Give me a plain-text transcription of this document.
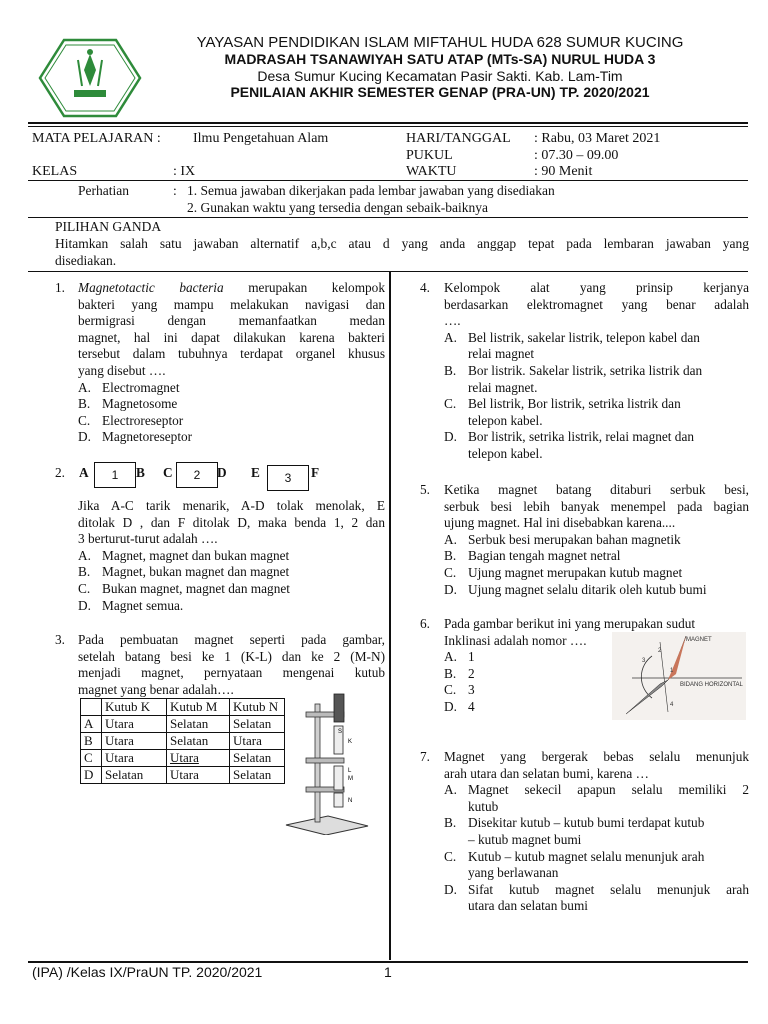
YAYASAN PENDIDIKAN ISLAM MIFTAHUL HUDA 628 SUMUR KUCING
MADRASAH TSANAWIYAH SATU ATAP (MTs-SA) NURUL HUDA 3
Desa Sumur Kucing Kecamatan Pasir Sakti. Kab. Lam-Tim
PENILAIAN AKHIR SEMESTER GENAP (PRA-UN) TP. 2020/2021
MATA PELAJARAN : Ilmu Pengetahuan Alam	HARI/TANGGAL : Rabu, 03 Maret 2021
PUKUL	: 07.30 – 09.00
KELAS	: IX	WAKTU	: 90 Menit
Perhatian	: 1. Semua jawaban dikerjakan pada lembar jawaban yang disediakan
2. Gunakan waktu yang tersedia dengan sebaik-baiknya
PILIHAN GANDA
Hitamkan salah satu jawaban alternatif a,b,c atau d yang anda anggap tepat pada lembaran jawaban yang
disediakan.
1. Magnetotactic bacteria merupakan kelompok
bakteri yang mampu melakukan navigasi dan
bermigrasi dengan memanfaatkan medan
magnet, hal ini dapat dilakukan karena bakteri
tersebut dalam tubuhnya terdapat organel khusus
yang disebut ….
A. Electromagnet
B. Magnetosome
C. Electroreseptor
D. Magnetoreseptor
2. A	1	B C	2	D E	3	F
Jika A-C tarik menarik, A-D tolak menolak, E
ditolak D , dan F ditolak D, maka benda 1, 2 dan
3 berturut-turut adalah ….
A. Magnet, magnet dan bukan magnet
B. Magnet, bukan magnet dan magnet
C. Bukan magnet, magnet dan magnet
D. Magnet semua.
3. Pada pembuatan magnet seperti pada gambar,
setelah batang besi ke 1 (K-L) dan ke 2 (M-N)
menjadi magnet, pernyataan mengenai kutub
magnet yang benar adalah….
	Kutub K	Kutub M	Kutub N
A	Utara	Selatan	Selatan
B	Utara	Selatan	Utara
C	Utara	Utara	Selatan
D	Selatan	Utara	Selatan
S
K
L
M
N
4. Kelompok alat yang prinsip kerjanya
berdasarkan elektromagnet yang benar adalah
….
A. Bel listrik, sakelar listrik, telepon kabel dan
relai magnet
B. Bor listrik. Sakelar listrik, setrika listrik dan
relai magnet.
C. Bel listrik, Bor listrik, setrika listrik dan
telepon kabel.
D. Bor listrik, setrika listrik, relai magnet dan
telepon kabel.
5. Ketika magnet batang ditaburi serbuk besi,
serbuk besi lebih banyak menempel pada bagian
ujung magnet. Hal ini disebabkan karena....
A. Serbuk besi merupakan bahan magnetik
B. Bagian tengah magnet netral
C. Ujung magnet merupakan kutub magnet
D. Ujung magnet selalu ditarik oleh kutub bumi
6. Pada gambar berikut ini yang merupakan sudut
Inklinasi adalah nomor ….
A. 1
B. 2
C. 3
D. 4
MAGNET
BIDANG HORIZONTAL
1
2
3
4
7. Magnet yang bergerak bebas selalu menunjuk
arah utara dan selatan bumi, karena …
A. Magnet sekecil apapun selalu memiliki 2
kutub
B. Disekitar kutub – kutub bumi terdapat kutub
– kutub magnet bumi
C. Kutub – kutub magnet selalu menunjuk arah
yang berlawanan
D. Sifat kutub magnet selalu menunjuk arah
utara dan selatan bumi
(IPA) /Kelas IX/PraUN TP. 2020/2021	1
